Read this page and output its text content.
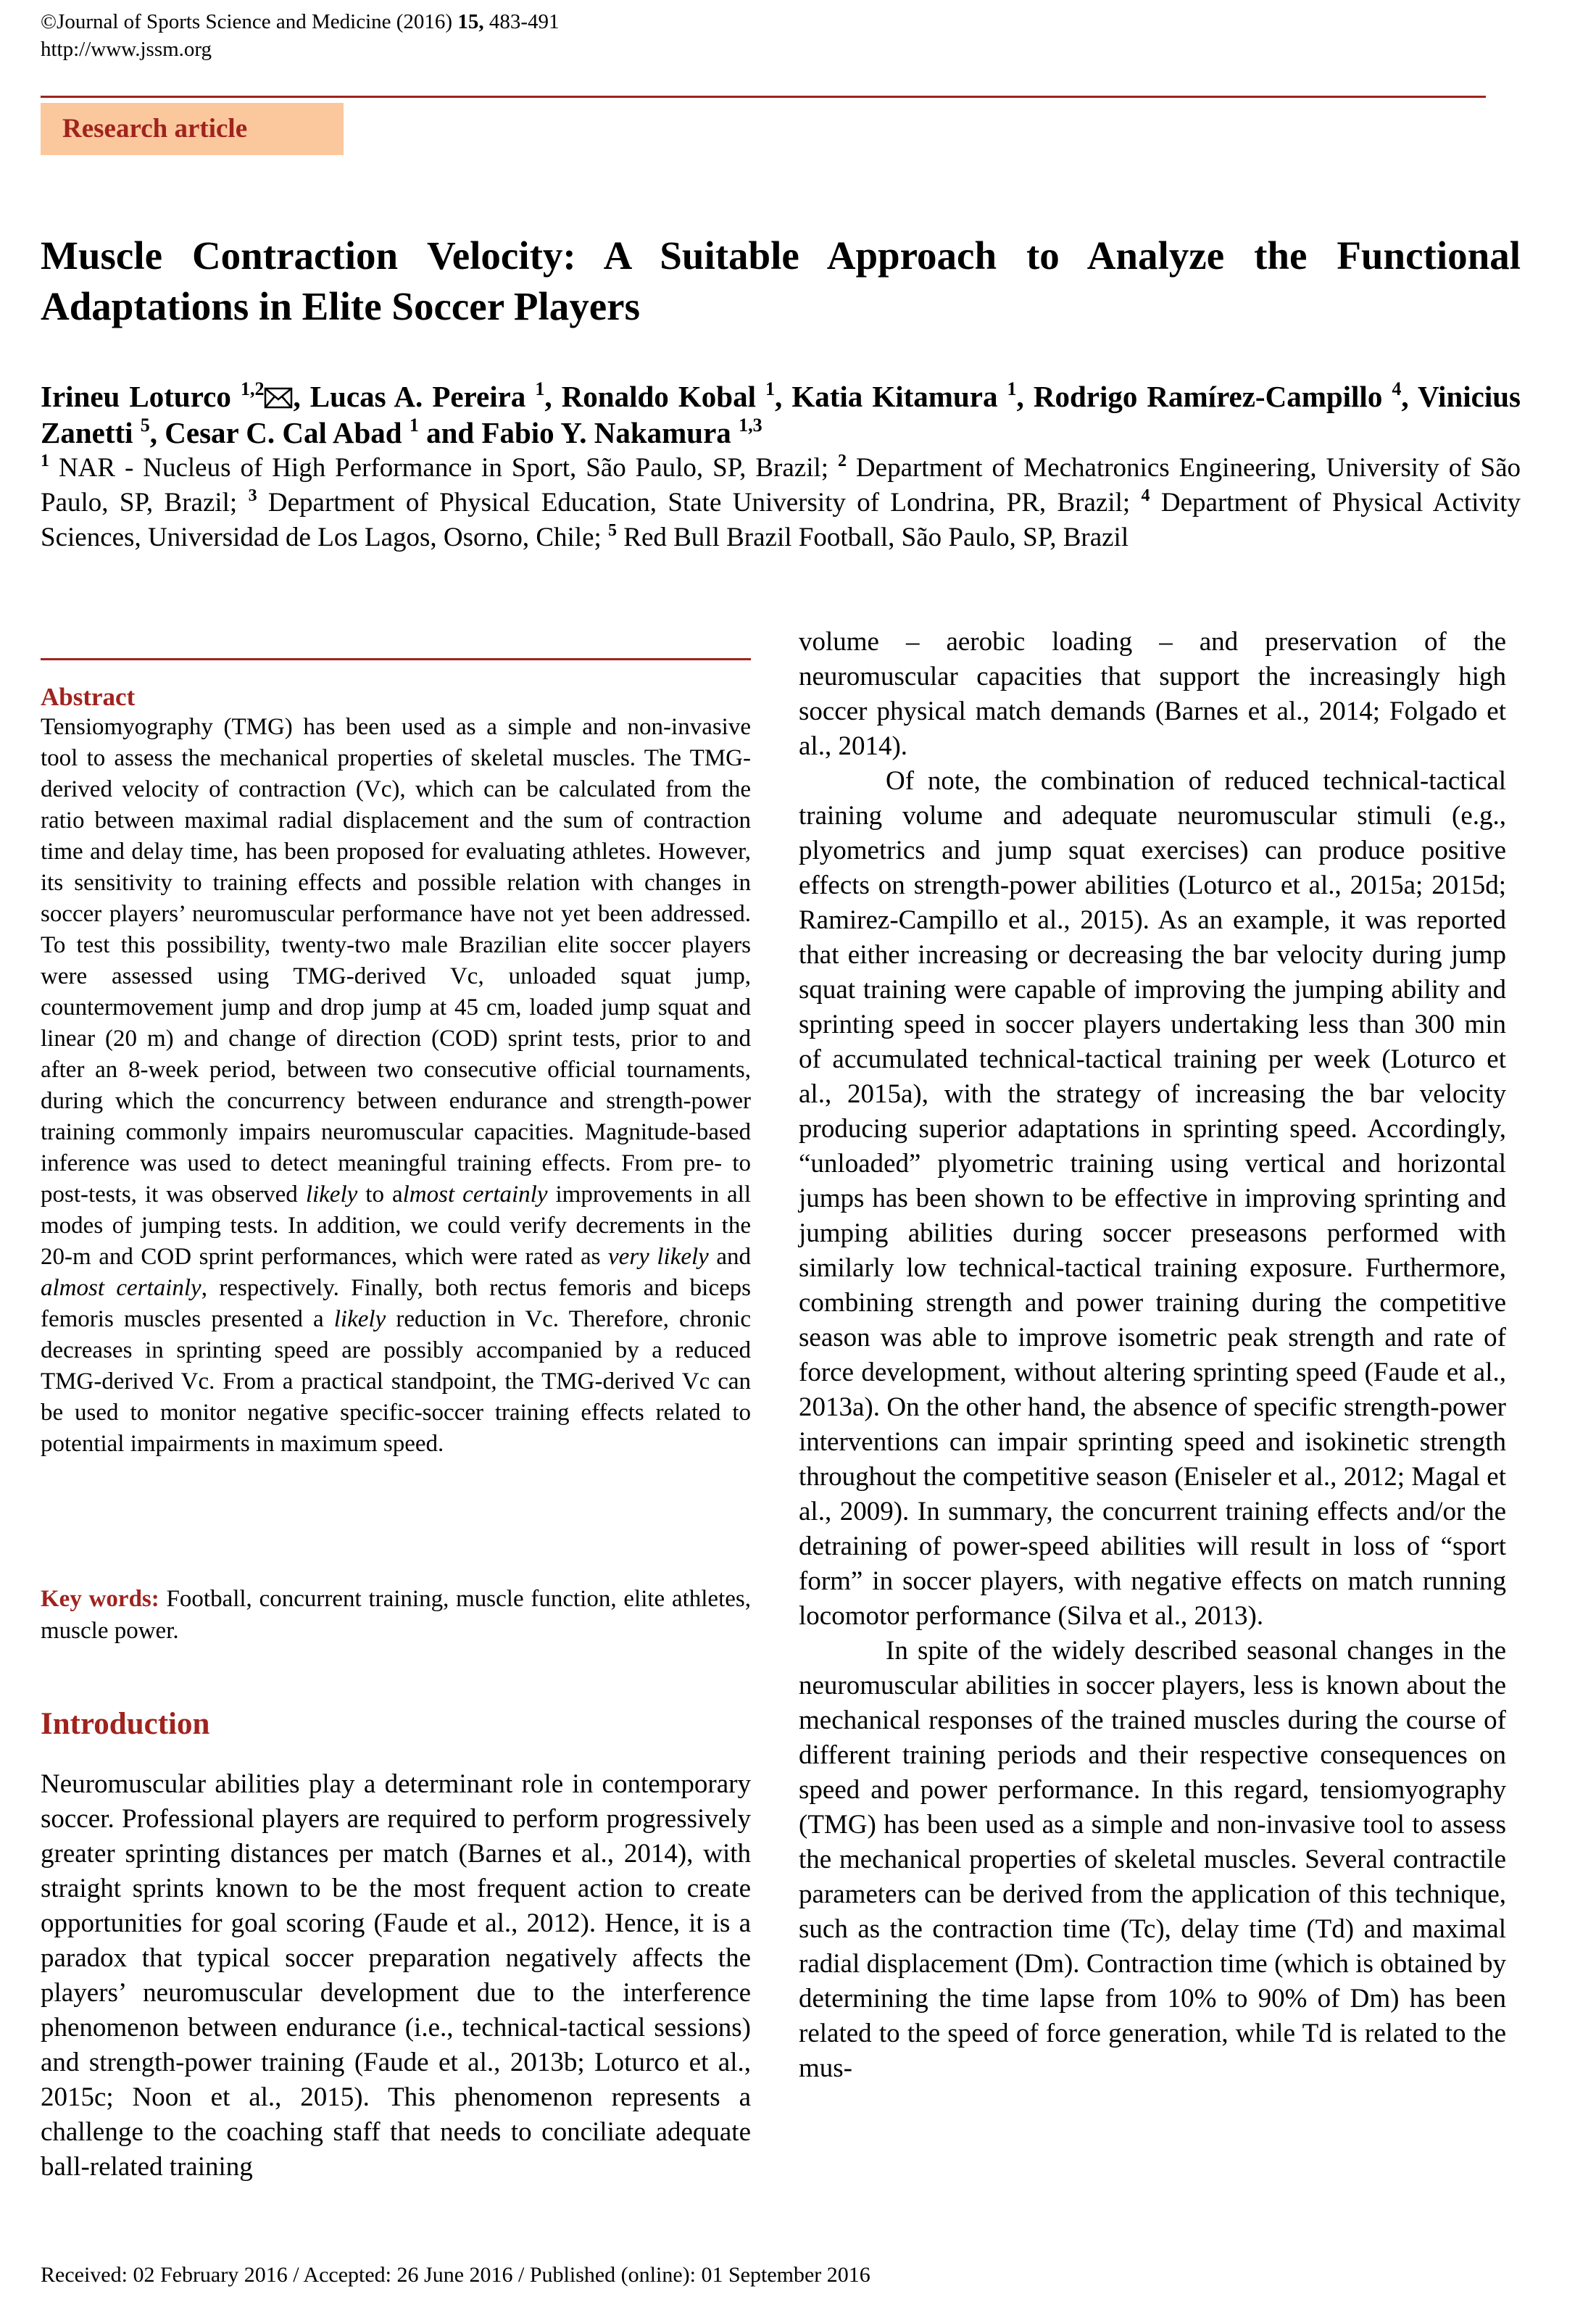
©Journal of Sports Science and Medicine (2016) 15, 483-491
http://www.jssm.org
Research article
Muscle Contraction Velocity: A Suitable Approach to Analyze the Functional Adaptations in Elite Soccer Players
Irineu Loturco $^{1,2}$ , Lucas A. Pereira $^1$, Ronaldo Kobal $^1$, Katia Kitamura $^1$, Rodrigo Ramírez-Campillo $^4$, Vinicius Zanetti $^5$, Cesar C. Cal Abad $^1$ and Fabio Y. Nakamura $^{1,3}$
$^1$ NAR - Nucleus of High Performance in Sport, São Paulo, SP, Brazil; $^2$ Department of Mechatronics Engineering, University of São Paulo, SP, Brazil; $^3$ Department of Physical Education, State University of Londrina, PR, Brazil; $^4$ Department of Physical Activity Sciences, Universidad de Los Lagos, Osorno, Chile; $^5$ Red Bull Brazil Football, São Paulo, SP, Brazil
Abstract
Tensiomyography (TMG) has been used as a simple and non-invasive tool to assess the mechanical properties of skeletal muscles. The TMG-derived velocity of contraction (Vc), which can be calculated from the ratio between maximal radial displacement and the sum of contraction time and delay time, has been proposed for evaluating athletes. However, its sensitivity to training effects and possible relation with changes in soccer players’ neuromuscular performance have not yet been addressed. To test this possibility, twenty-two male Brazilian elite soccer players were assessed using TMG-derived Vc, unloaded squat jump, countermovement jump and drop jump at 45 cm, loaded jump squat and linear (20 m) and change of direction (COD) sprint tests, prior to and after an 8-week period, between two consecutive official tournaments, during which the concurrency between endurance and strength-power training commonly impairs neuromuscular capacities. Magnitude-based inference was used to detect meaningful training effects. From pre- to post-tests, it was observed likely to almost certainly improvements in all modes of jumping tests. In addition, we could verify decrements in the 20-m and COD sprint performances, which were rated as very likely and almost certainly, respectively. Finally, both rectus femoris and biceps femoris muscles presented a likely reduction in Vc. Therefore, chronic decreases in sprinting speed are possibly accompanied by a reduced TMG-derived Vc. From a practical standpoint, the TMG-derived Vc can be used to monitor negative specific-soccer training effects related to potential impairments in maximum speed.
Key words: Football, concurrent training, muscle function, elite athletes, muscle power.
Introduction

Neuromuscular abilities play a determinant role in contemporary soccer. Professional players are required to perform progressively greater sprinting distances per match (Barnes et al., 2014), with straight sprints known to be the most frequent action to create opportunities for goal scoring (Faude et al., 2012). Hence, it is a paradox that typical soccer preparation negatively affects the players’ neuromuscular development due to the interference phenomenon between endurance (i.e., technical-tactical sessions) and strength-power training (Faude et al., 2013b; Loturco et al., 2015c; Noon et al., 2015). This phenomenon represents a challenge to the coaching staff that needs to conciliate adequate ball-related training

volume – aerobic loading – and preservation of the neuromuscular capacities that support the increasingly high soccer physical match demands (Barnes et al., 2014; Folgado et al., 2014).

Of note, the combination of reduced technical-tactical training volume and adequate neuromuscular stimuli (e.g., plyometrics and jump squat exercises) can produce positive effects on strength-power abilities (Loturco et al., 2015a; 2015d; Ramirez-Campillo et al., 2015). As an example, it was reported that either increasing or decreasing the bar velocity during jump squat training were capable of improving the jumping ability and sprinting speed in soccer players undertaking less than 300 min of accumulated technical-tactical training per week (Loturco et al., 2015a), with the strategy of increasing the bar velocity producing superior adaptations in sprinting speed. Accordingly, “unloaded” plyometric training using vertical and horizontal jumps has been shown to be effective in improving sprinting and jumping abilities during soccer preseasons performed with similarly low technical-tactical training exposure. Furthermore, combining strength and power training during the competitive season was able to improve isometric peak strength and rate of force development, without altering sprinting speed (Faude et al., 2013a). On the other hand, the absence of specific strength-power interventions can impair sprinting speed and isokinetic strength throughout the competitive season (Eniseler et al., 2012; Magal et al., 2009). In summary, the concurrent training effects and/or the detraining of power-speed abilities will result in loss of “sport form” in soccer players, with negative effects on match running locomotor performance (Silva et al., 2013).

In spite of the widely described seasonal changes in the neuromuscular abilities in soccer players, less is known about the mechanical responses of the trained muscles during the course of different training periods and their respective consequences on speed and power performance. In this regard, tensiomyography (TMG) has been used as a simple and non-invasive tool to assess the mechanical properties of skeletal muscles. Several contractile parameters can be derived from the application of this technique, such as the contraction time (Tc), delay time (Td) and maximal radial displacement (Dm). Contraction time (which is obtained by determining the time lapse from 10% to 90% of Dm) has been related to the speed of force generation, while Td is related to the mus-

Received: 02 February 2016 / Accepted: 26 June 2016 / Published (online): 01 September 2016
